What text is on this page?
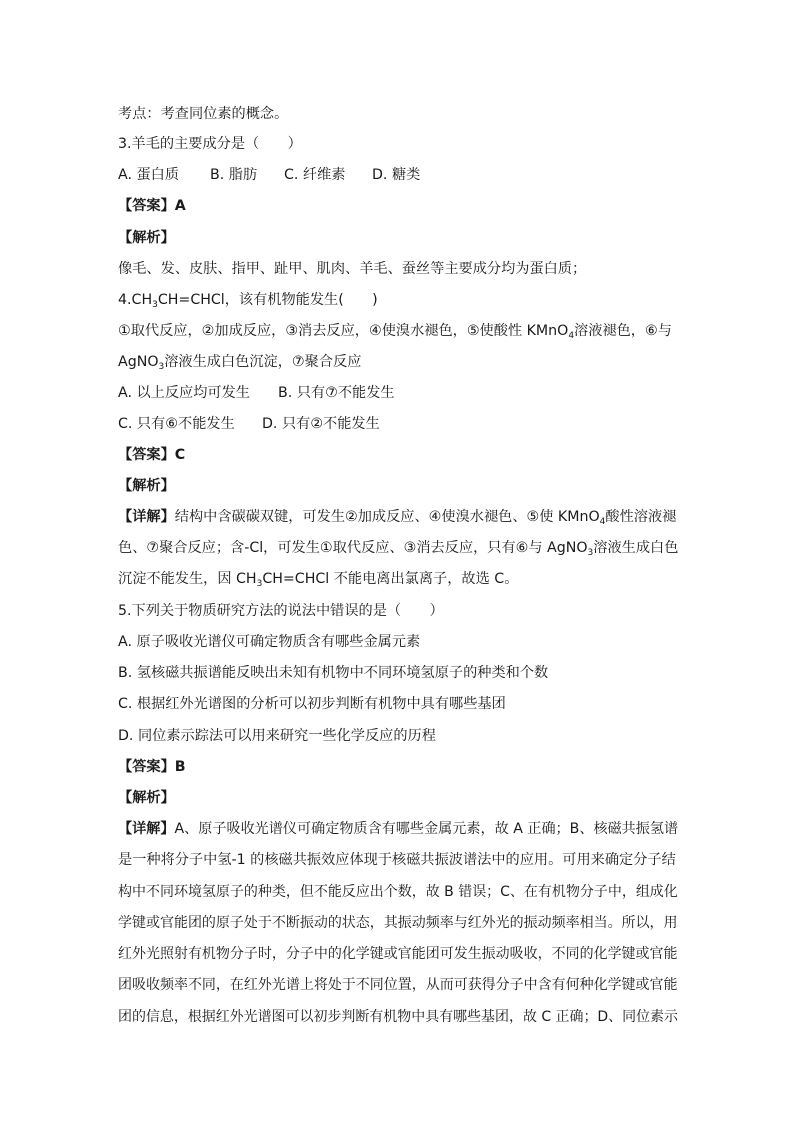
考点：考查同位素的概念。
3.羊毛的主要成分是（　　）
A. 蛋白质 B. 脂肪 C. 纤维素 D. 糖类
【答案】A
【解析】
像毛、发、皮肤、指甲、趾甲、肌肉、羊毛、蚕丝等主要成分均为蛋白质；
$4.CH_3CH=CHCl$，该有机物能发生(　　)
①取代反应，②加成反应，③消去反应，④使溴水褪色，⑤使酸性 KMnO$_4$溶液褪色，⑥与
AgNO$_3$溶液生成白色沉淀，⑦聚合反应
A. 以上反应均可发生 B. 只有⑦不能发生
C. 只有⑥不能发生 D. 只有②不能发生
【答案】C
【解析】
【详解】结构中含碳碳双键，可发生②加成反应、④使溴水褪色、⑤使 KMnO$_4$酸性溶液褪
色、⑦聚合反应；含-Cl，可发生①取代反应、③消去反应，只有⑥与 AgNO$_3$溶液生成白色
沉淀不能发生，因 $CH_3CH=CHCl$ 不能电离出氯离子，故选 C。
5.下列关于物质研究方法的说法中错误的是（　　）
A. 原子吸收光谱仪可确定物质含有哪些金属元素
B. 氢核磁共振谱能反映出未知有机物中不同环境氢原子的种类和个数
C. 根据红外光谱图的分析可以初步判断有机物中具有哪些基团
D. 同位素示踪法可以用来研究一些化学反应的历程
【答案】B
【解析】
【详解】A、原子吸收光谱仪可确定物质含有哪些金属元素，故 A 正确；B、核磁共振氢谱
是一种将分子中氢-1 的核磁共振效应体现于核磁共振波谱法中的应用。可用来确定分子结
构中不同环境氢原子的种类，但不能反应出个数，故 B 错误；C、在有机物分子中，组成化
学键或官能团的原子处于不断振动的状态，其振动频率与红外光的振动频率相当。所以，用
红外光照射有机物分子时，分子中的化学键或官能团可发生振动吸收，不同的化学键或官能
团吸收频率不同，在红外光谱上将处于不同位置，从而可获得分子中含有何种化学键或官能
团的信息，根据红外光谱图可以初步判断有机物中具有哪些基团，故 C 正确；D、同位素示
